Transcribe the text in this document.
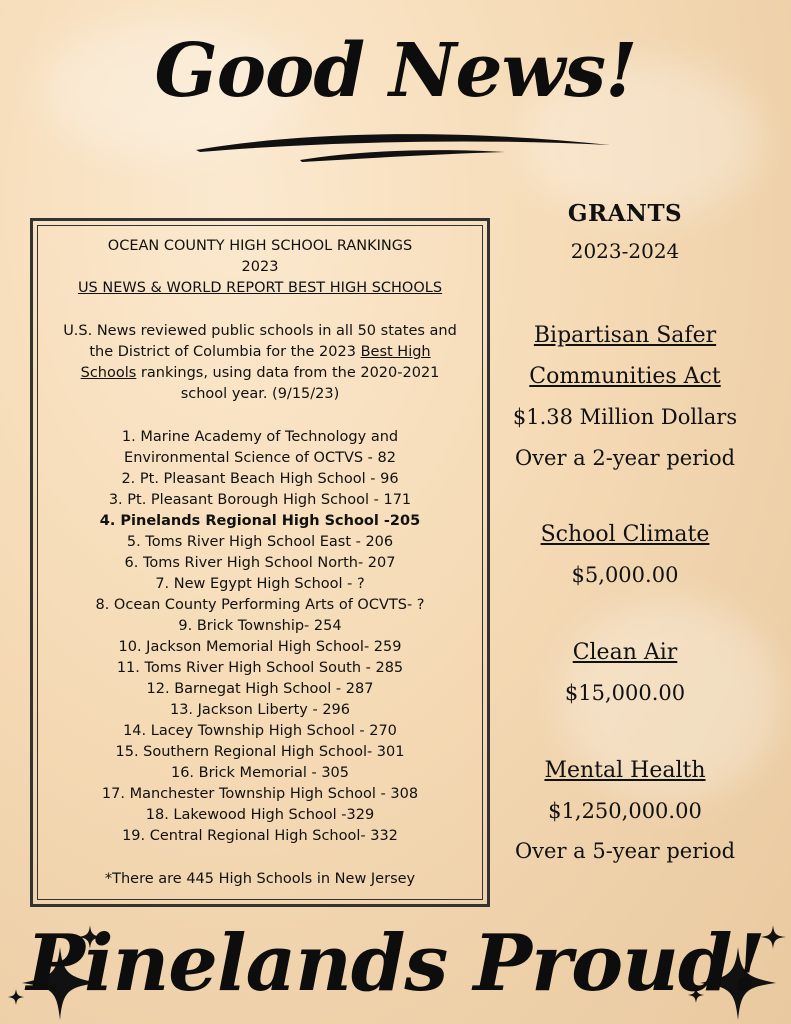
Good News!
OCEAN COUNTY HIGH SCHOOL RANKINGS
2023
US NEWS & WORLD REPORT BEST HIGH SCHOOLS
U.S. News reviewed public schools in all 50 states and the District of Columbia for the 2023 Best High Schools rankings, using data from the 2020-2021 school year. (9/15/23)
1. Marine Academy of Technology and
Environmental Science of OCTVS - 82
2. Pt. Pleasant Beach High School - 96
3. Pt. Pleasant Borough High School - 171
4. Pinelands Regional High School -205
5. Toms River High School East - 206
6. Toms River High School North- 207
7. New Egypt High School - ?
8. Ocean County Performing Arts of OCVTS- ?
9. Brick Township- 254
10. Jackson Memorial High School- 259
11. Toms River High School South - 285
12. Barnegat High School - 287
13. Jackson Liberty - 296
14. Lacey Township High School - 270
15. Southern Regional High School- 301
16. Brick Memorial - 305
17. Manchester Township High School - 308
18. Lakewood High School -329
19. Central Regional High School- 332
*There are 445 High Schools in New Jersey
GRANTS
2023-2024
Bipartisan Safer
Communities Act
$1.38 Million Dollars
Over a 2-year period
School Climate
$5,000.00
Clean Air
$15,000.00
Mental Health
$1,250,000.00
Over a 5-year period
Pinelands Proud!
